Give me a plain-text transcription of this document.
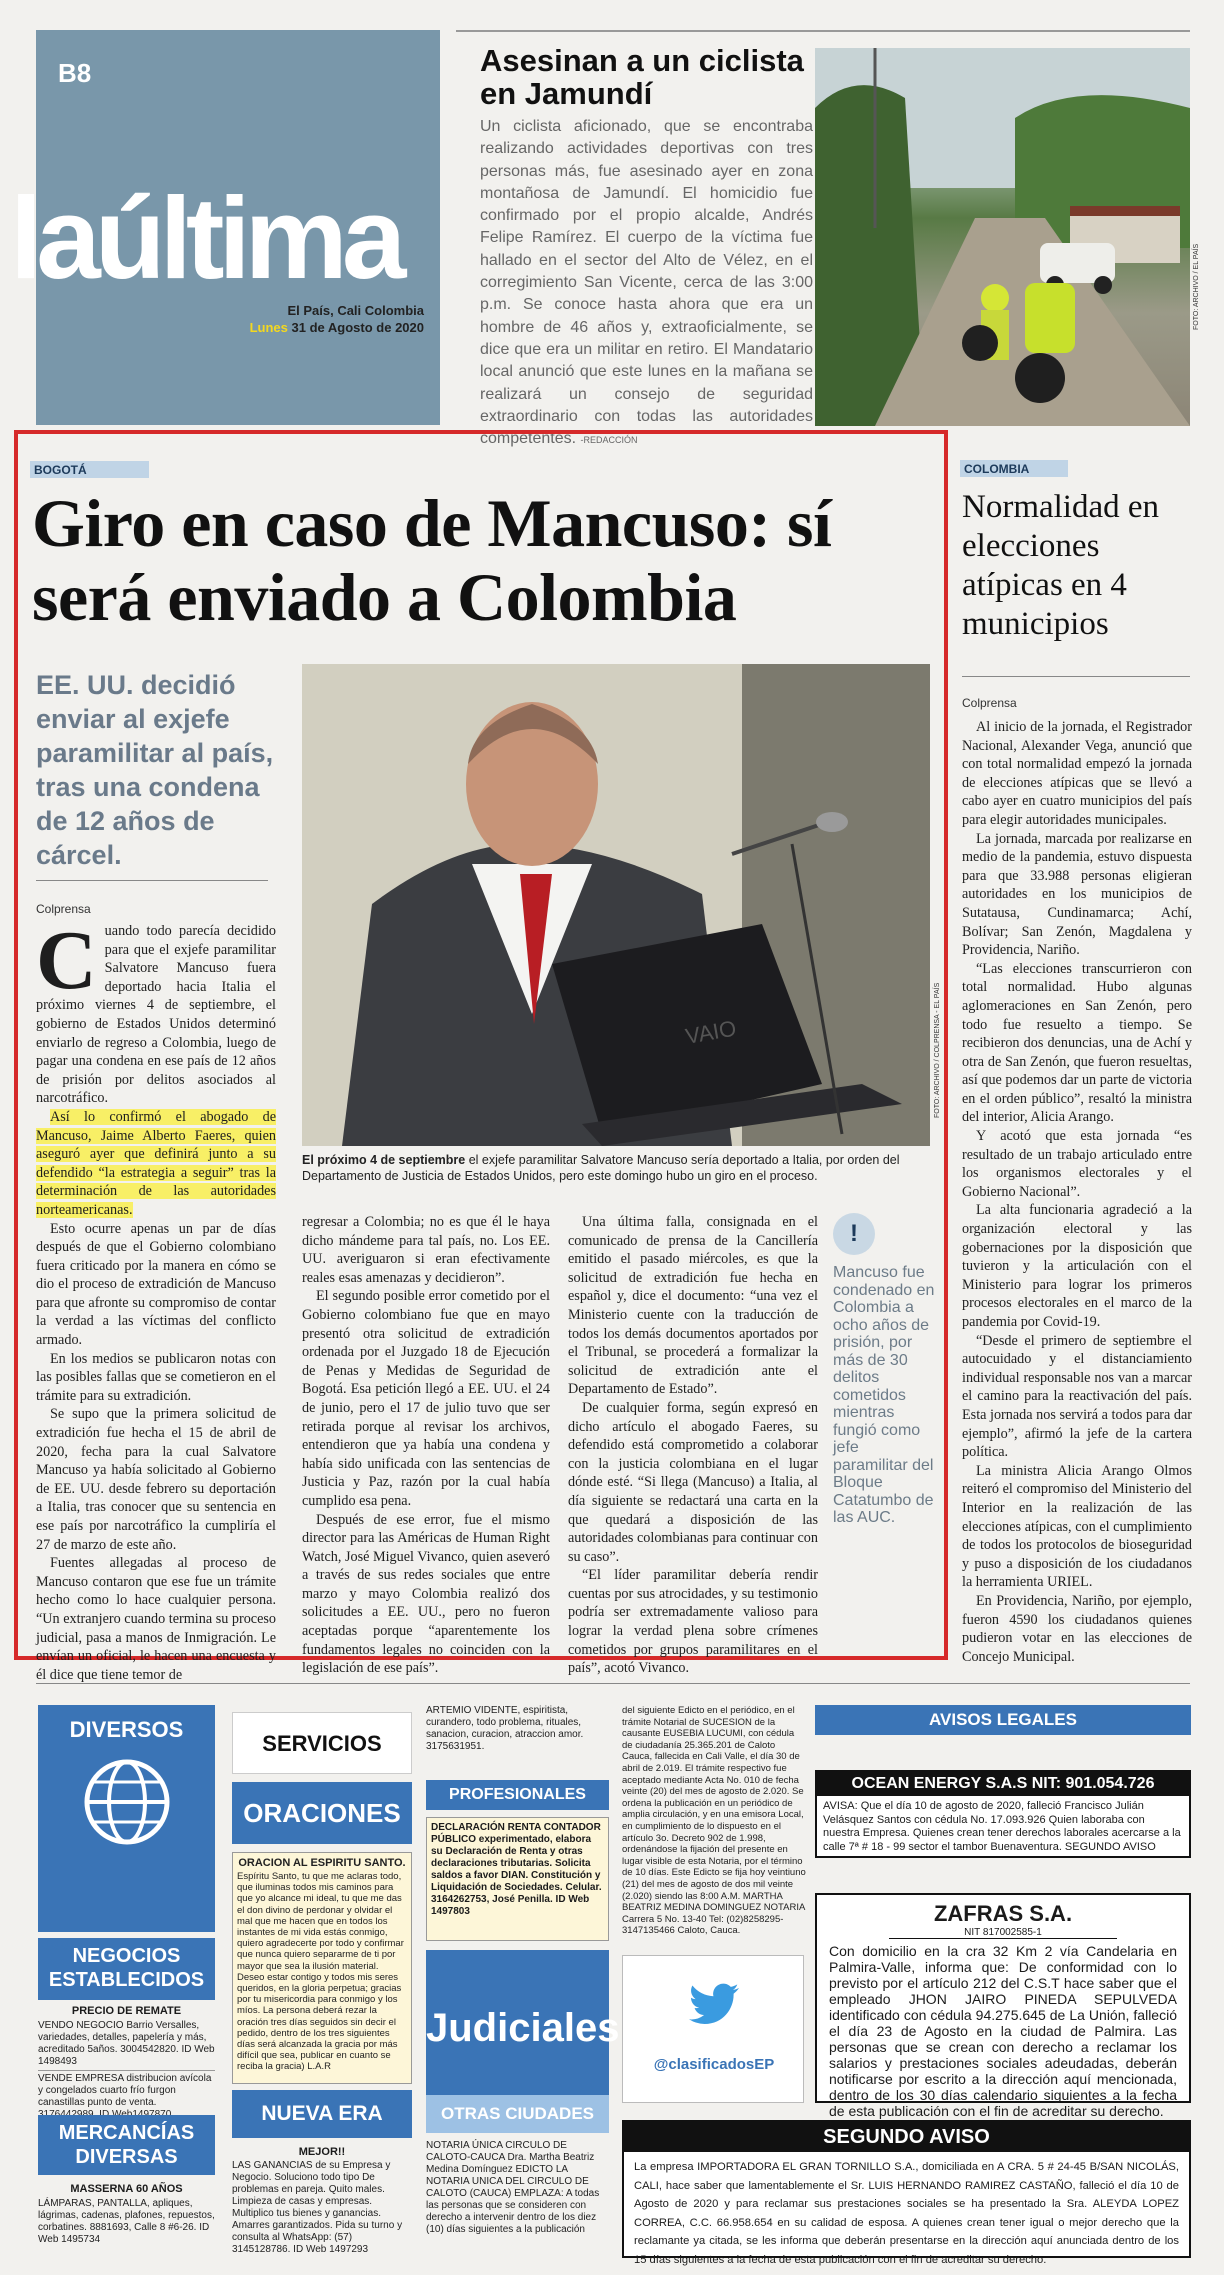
B8
laúltima
El País, Cali Colombia
Lunes 31 de Agosto de 2020
Asesinan a un ciclista en Jamundí
Un ciclista aficionado, que se encontraba realizando actividades deportivas con tres personas más, fue asesinado ayer en zona montañosa de Jamundí. El homicidio fue confirmado por el propio alcalde, Andrés Felipe Ramírez. El cuerpo de la víctima fue hallado en el sector del Alto de Vélez, en el corregimiento San Vicente, cerca de las 3:00 p.m. Se conoce hasta ahora que era un hombre de 46 años y, extraoficialmente, se dice que era un militar en retiro. El Mandatario local anunció que este lunes en la mañana se realizará un consejo de seguridad extraordinario con todas las autoridades competentes. -REDACCIÓN
FOTO: ARCHIVO / EL PAÍS
BOGOTÁ
Giro en caso de Mancuso: sí será enviado a Colombia
EE. UU. decidió enviar al exjefe paramilitar al país, tras una condena de 12 años de cárcel.
Colprensa
VAIO	FOTO: ARCHIVO / COLPRENSA - EL PAÍS
El próximo 4 de septiembre el exjefe paramilitar Salvatore Mancuso sería deportado a Italia, por orden del Departamento de Justicia de Estados Unidos, pero este domingo hubo un giro en el proceso.

Cuando todo parecía decidido para que el exjefe paramilitar Salvatore Mancuso fuera deportado hacia Italia el próximo viernes 4 de septiembre, el gobierno de Estados Unidos determinó enviarlo de regreso a Colombia, luego de pagar una condena en ese país de 12 años de prisión por delitos asociados al narcotráfico.

Así lo confirmó el abogado de Mancuso, Jaime Alberto Faeres, quien aseguró ayer que definirá junto a su defendido “la estrategia a seguir” tras la determinación de las autoridades norteamericanas.

Esto ocurre apenas un par de días después de que el Gobierno colombiano fuera criticado por la manera en cómo se dio el proceso de extradición de Mancuso para que afronte su compromiso de contar la verdad a las víctimas del conflicto armado.

En los medios se publicaron notas con las posibles fallas que se cometieron en el trámite para su extradición.

Se supo que la primera solicitud de extradición fue hecha el 15 de abril de 2020, fecha para la cual Salvatore Mancuso ya había solicitado al Gobierno de EE. UU. desde febrero su deportación a Italia, tras conocer que su sentencia en ese país por narcotráfico la cumpliría el 27 de marzo de este año.

Fuentes allegadas al proceso de Mancuso contaron que ese fue un trámite hecho como lo hace cualquier persona. “Un extranjero cuando termina su proceso judicial, pasa a manos de Inmigración. Le envían un oficial, le hacen una encuesta y él dice que tiene temor de

regresar a Colombia; no es que él le haya dicho mándeme para tal país, no. Los EE. UU. averiguaron si eran efectivamente reales esas amenazas y decidieron”.

El segundo posible error cometido por el Gobierno colombiano fue que en mayo presentó otra solicitud de extradición ordenada por el Juzgado 18 de Ejecución de Penas y Medidas de Seguridad de Bogotá. Esa petición llegó a EE. UU. el 24 de junio, pero el 17 de julio tuvo que ser retirada porque al revisar los archivos, entendieron que ya había una condena y había sido unificada con las sentencias de Justicia y Paz, razón por la cual había cumplido esa pena.

Después de ese error, fue el mismo director para las Américas de Human Right Watch, José Miguel Vivanco, quien aseveró a través de sus redes sociales que entre marzo y mayo Colombia realizó dos solicitudes a EE. UU., pero no fueron aceptadas porque “aparentemente los fundamentos legales no coinciden con la legislación de ese país”.

Una última falla, consignada en el comunicado de prensa de la Cancillería emitido el pasado miércoles, es que la solicitud de extradición fue hecha en español y, dice el documento: “una vez el Ministerio cuente con la traducción de todos los demás documentos aportados por el Tribunal, se procederá a formalizar la solicitud de extradición ante el Departamento de Estado”.

De cualquier forma, según expresó en dicho artículo el abogado Faeres, su defendido está comprometido a colaborar con la justicia colombiana en el lugar dónde esté. “Si llega (Mancuso) a Italia, al día siguiente se redactará una carta en la que quedará a disposición de las autoridades colombianas para continuar con su caso”.

“El líder paramilitar debería rendir cuentas por sus atrocidades, y su testimonio podría ser extremadamente valioso para lograr la verdad plena sobre crímenes cometidos por grupos paramilitares en el país”, acotó Vivanco.

!
Mancuso fue condenado en Colombia a ocho años de prisión, por más de 30 delitos cometidos mientras fungió como jefe paramilitar del Bloque Catatumbo de las AUC.
COLOMBIA
Normalidad en elecciones atípicas en 4 municipios
Colprensa

Al inicio de la jornada, el Registrador Nacional, Alexander Vega, anunció que con total normalidad empezó la jornada de elecciones atípicas que se llevó a cabo ayer en cuatro municipios del país para elegir autoridades municipales.

La jornada, marcada por realizarse en medio de la pandemia, estuvo dispuesta para que 33.988 personas eligieran autoridades en los municipios de Sutatausa, Cundinamarca; Achí, Bolívar; San Zenón, Magdalena y Providencia, Nariño.

“Las elecciones transcurrieron con total normalidad. Hubo algunas aglomeraciones en San Zenón, pero todo fue resuelto a tiempo. Se recibieron dos denuncias, una de Achí y otra de San Zenón, que fueron resueltas, así que podemos dar un parte de victoria en el orden público”, resaltó la ministra del interior, Alicia Arango.

Y acotó que esta jornada “es resultado de un trabajo articulado entre los organismos electorales y el Gobierno Nacional”.

La alta funcionaria agradeció a la organización electoral y las gobernaciones por la disposición que tuvieron y la articulación con el Ministerio para lograr los primeros procesos electorales en el marco de la pandemia por Covid-19.

“Desde el primero de septiembre el autocuidado y el distanciamiento individual responsable nos van a marcar el camino para la reactivación del país. Esta jornada nos servirá a todos para dar ejemplo”, afirmó la jefe de la cartera política.

La ministra Alicia Arango Olmos reiteró el compromiso del Ministerio del Interior en la realización de las elecciones atípicas, con el cumplimiento de todos los protocolos de bioseguridad y puso a disposición de los ciudadanos la herramienta URIEL.

En Providencia, Nariño, por ejemplo, fueron 4590 los ciudadanos quienes pudieron votar en las elecciones de Concejo Municipal.

DIVERSOS
NEGOCIOS ESTABLECIDOS
PRECIO DE REMATE
VENDO NEGOCIO Barrio Versalles, variedades, detalles, papelería y más, acreditado 5años. 3004542820. ID Web 1498493
VENDE EMPRESA distribucion avícola y congelados cuarto frío furgon canastillas punto de venta.
MERCANCÍAS DIVERSAS
MASSERNA 60 AÑOS
LÁMPARAS, PANTALLA, apliques, lágrimas, cadenas, plafones, repuestos, corbatines. 8881693, Calle 8 #6-26. ID Web 1495734
SERVICIOS
ORACIONES
ORACION AL ESPIRITU SANTO.
Espíritu Santo, tu que me aclaras todo, que iluminas todos mis caminos para que yo alcance mi ideal, tu que me das el don divino de perdonar y olvidar el mal que me hacen que en todos los instantes de mi vida estás conmigo, quiero agradecerte por todo y confirmar que nunca quiero separarme de ti por mayor que sea la ilusión material. Deseo estar contigo y todos mis seres queridos, en la gloria perpetua; gracias por tu misericordia para conmigo y los míos. La persona deberá rezar la oración tres días seguidos sin decir el pedido, dentro de los tres siguientes días será alcanzada la gracia por más difícil que sea, publicar en cuanto se reciba la gracia) L.A.R
NUEVA ERA
MEJOR!!
LAS GANANCIAS de su Empresa y Negocio. Soluciono todo tipo De problemas en pareja. Quito males. Limpieza de casas y empresas. Multiplico tus bienes y ganancias. Amarres garantizados. Pida su turno y consulta al WhatsApp: (57) 3145128786. ID Web 1497293
ARTEMIO VIDENTE, espiritista, curandero, todo problema, rituales, sanacion, curacion, atraccion amor. 3175631951.
PROFESIONALES
DECLARACIÓN RENTA CONTADOR PÚBLICO experimentado, elabora su Declaración de Renta y otras declaraciones tributarias. Solicita saldos a favor DIAN. Constitución y Liquidación de Sociedades. Celular. 3164262753, José Penilla. ID Web 1497803
Judiciales
OTRAS CIUDADES
NOTARIA ÚNICA CIRCULO DE CALOTO-CAUCA Dra. Martha Beatriz Medina Domínguez EDICTO LA NOTARIA UNICA DEL CIRCULO DE CALOTO (CAUCA) EMPLAZA: A todas las personas que se consideren con derecho a intervenir dentro de los diez (10) días siguientes a la publicación
del siguiente Edicto en el periódico, en el trámite Notarial de SUCESION de la causante EUSEBIA LUCUMI, con cédula de ciudadanía 25.365.201 de Caloto Cauca, fallecida en Cali Valle, el día 30 de abril de 2.019. El trámite respectivo fue aceptado mediante Acta No. 010 de fecha veinte (20) del mes de agosto de 2.020. Se ordena la publicación en un periódico de amplia circulación, y en una emisora Local, en cumplimiento de lo dispuesto en el artículo 3o. Decreto 902 de 1.998, ordenándose la fijación del presente en lugar visible de esta Notaria, por el término de 10 días. Este Edicto se fija hoy veintiuno (21) del mes de agosto de dos mil veinte (2.020) siendo las 8:00 A.M. MARTHA BEATRIZ MEDINA DOMINGUEZ NOTARIA Carrera 5 No. 13-40 Tel: (02)8258295-3147135466 Caloto, Cauca.
@clasificadosEP
AVISOS LEGALES
OCEAN ENERGY S.A.S NIT: 901.054.726
AVISA: Que el día 10 de agosto de 2020, falleció Francisco Julián Velásquez Santos con cédula No. 17.093.926 Quien laboraba con nuestra Empresa. Quienes crean tener derechos laborales acercarse a la calle 7ª # 18 - 99 sector el tambor Buenaventura. SEGUNDO AVISO
ZAFRAS S.A.
NIT 817002585-1
Con domicilio en la cra 32 Km 2 vía Candelaria en Palmira-Valle, informa que: De conformidad con lo previsto por el artículo 212 del C.S.T hace saber que el empleado JHON JAIRO PINEDA SEPULVEDA identificado con cédula 94.275.645 de La Unión, falleció el día 23 de Agosto en la ciudad de Palmira. Las personas que se crean con derecho a reclamar los salarios y prestaciones sociales adeudadas, deberán notificarse por escrito a la dirección aquí mencionada, dentro de los 30 días calendario siguientes a la fecha de esta publicación con el fin de acreditar su derecho.
SEGUNDO AVISO
La empresa IMPORTADORA EL GRAN TORNILLO S.A., domiciliada en A CRA. 5 # 24-45 B/SAN NICOLÁS, CALI, hace saber que lamentablemente el Sr. LUIS HERNANDO RAMIREZ CASTAÑO, falleció el día 10 de Agosto de 2020 y para reclamar sus prestaciones sociales se ha presentado la Sra. ALEYDA LOPEZ CORREA, C.C. 66.958.654 en su calidad de esposa. A quienes crean tener igual o mejor derecho que la reclamante ya citada, se les informa que deberán presentarse en la dirección aquí anunciada dentro de los 15 días siguientes a la fecha de esta publicación con el fin de acreditar su derecho.
